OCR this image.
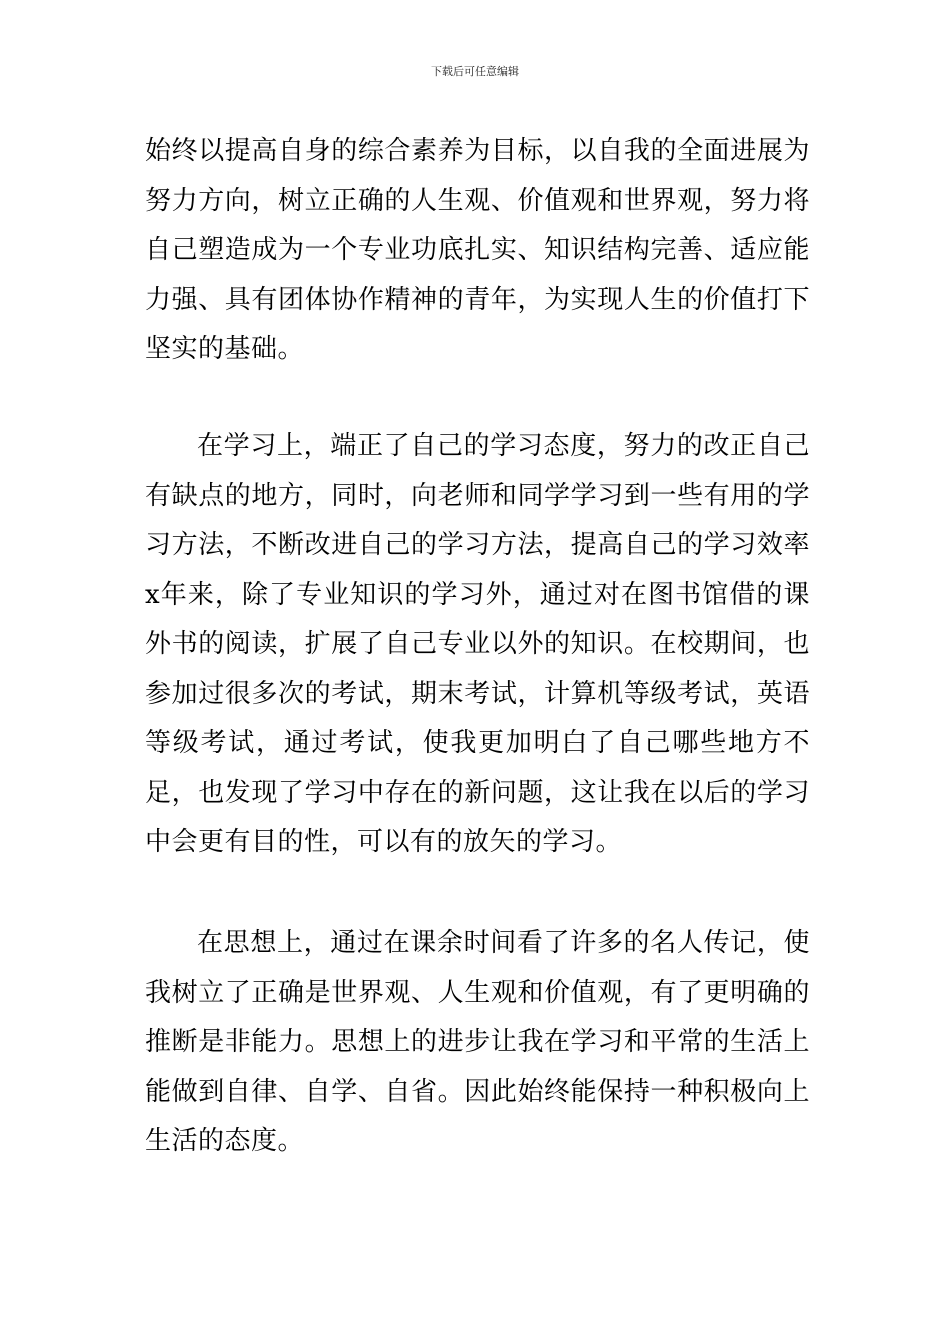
下载后可任意编辑

始终以提高自身的综合素养为目标，以自我的全面进展为努力方向，树立正确的人生观、价值观和世界观，努力将自己塑造成为一个专业功底扎实、知识结构完善、适应能力强、具有团体协作精神的青年，为实现人生的价值打下坚实的基础。

在学习上，端正了自己的学习态度，努力的改正自己有缺点的地方，同时，向老师和同学学习到一些有用的学习方法，不断改进自己的学习方法，提高自己的学习效率x年来，除了专业知识的学习外，通过对在图书馆借的课外书的阅读，扩展了自己专业以外的知识。在校期间，也参加过很多次的考试，期末考试，计算机等级考试，英语等级考试，通过考试，使我更加明白了自己哪些地方不足，也发现了学习中存在的新问题，这让我在以后的学习中会更有目的性，可以有的放矢的学习。

在思想上，通过在课余时间看了许多的名人传记，使我树立了正确是世界观、人生观和价值观，有了更明确的推断是非能力。思想上的进步让我在学习和平常的生活上能做到自律、自学、自省。因此始终能保持一种积极向上生活的态度。
